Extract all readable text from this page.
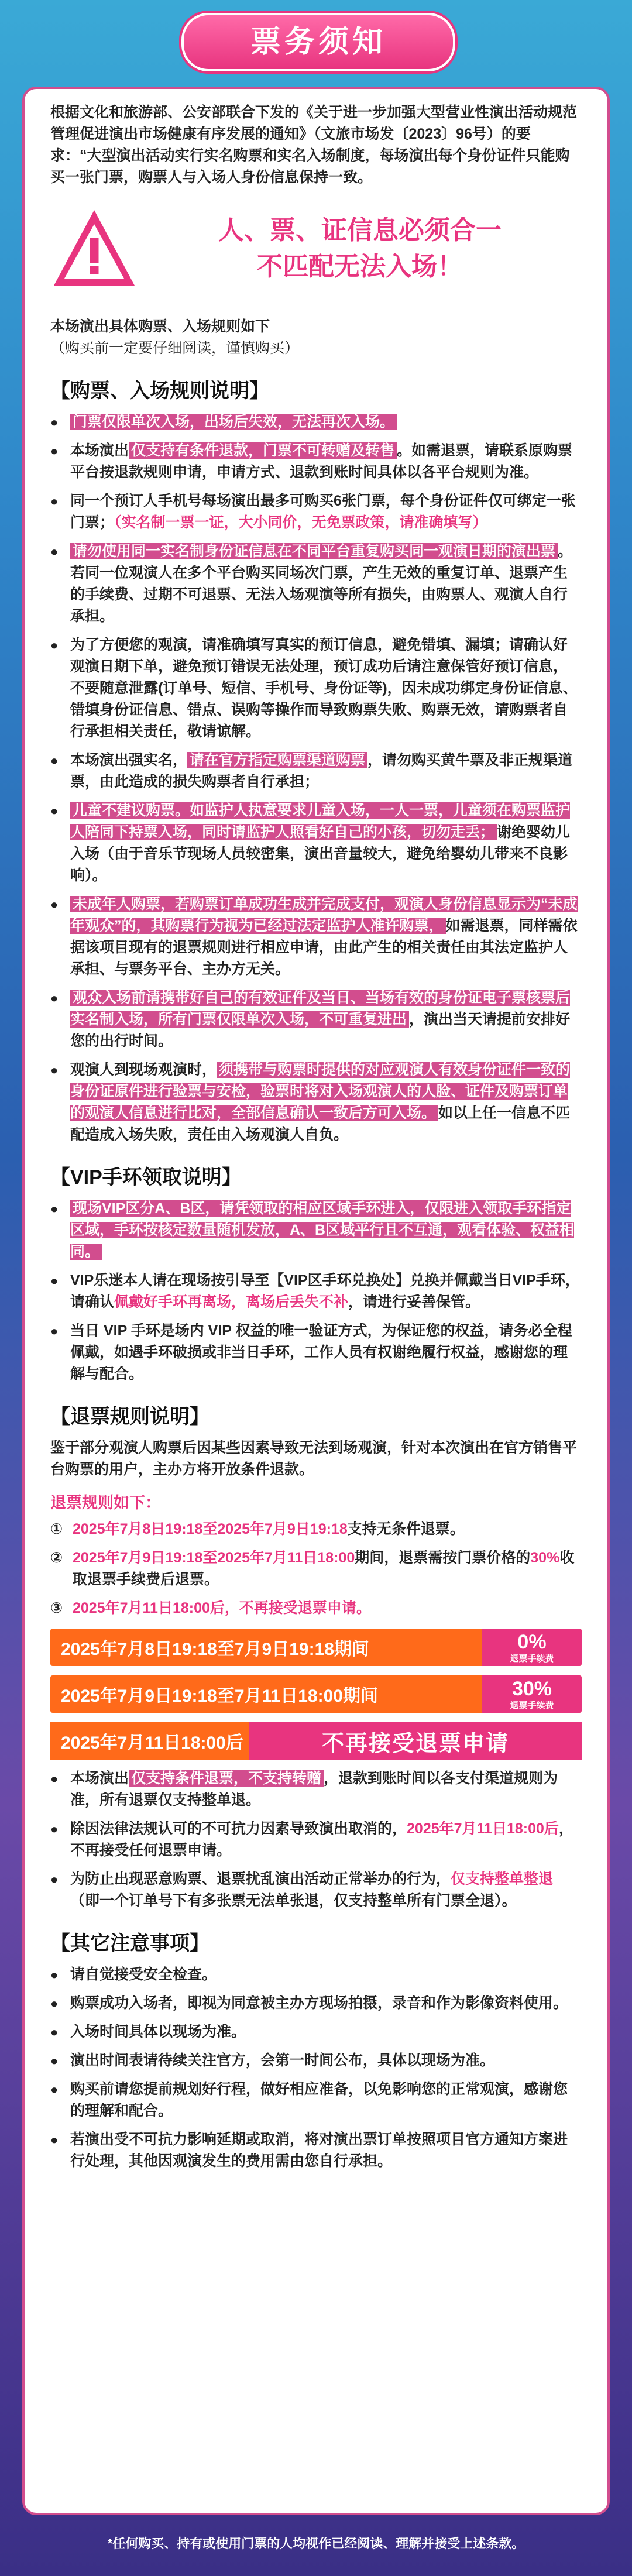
票务须知

根据文化和旅游部、公安部联合下发的《关于进一步加强大型营业性演出活动规范管理促进演出市场健康有序发展的通知》（文旅市场发〔2023〕96号）的要求：“大型演出活动实行实名购票和实名入场制度，每场演出每个身份证件只能购买一张门票，购票人与入场人身份信息保持一致。

人、票、证信息必须合一
不匹配无法入场！

本场演出具体购票、入场规则如下

（购买前一定要仔细阅读，谨慎购买）

【购票、入场规则说明】
● 门票仅限单次入场，出场后失效，无法再次入场。
● 本场演出 仅支持有条件退款，门票不可转赠及转售 。如需退票，请联系原购票平台按退款规则申请，申请方式、退款到账时间具体以各平台规则为准。
● 同一个预订人手机号每场演出最多可购买6张门票，每个身份证件仅可绑定一张门票；（实名制一票一证，大小同价，无免票政策，请准确填写）
● 请勿使用同一实名制身份证信息在不同平台重复购买同一观演日期的演出票 。若同一位观演人在多个平台购买同场次门票，产生无效的重复订单、退票产生的手续费、过期不可退票、无法入场观演等所有损失，由购票人、观演人自行承担。
● 为了方便您的观演，请准确填写真实的预订信息，避免错填、漏填；请确认好观演日期下单，避免预订错误无法处理，预订成功后请注意保管好预订信息，不要随意泄露(订单号、短信、手机号、身份证等)，因未成功绑定身份证信息、错填身份证信息、错点、误购等操作而导致购票失败、购票无效，请购票者自行承担相关责任，敬请谅解。
● 本场演出强实名， 请在官方指定购票渠道购票 ，请勿购买黄牛票及非正规渠道票，由此造成的损失购票者自行承担；
● 儿童不建议购票。如监护人执意要求儿童入场，一人一票，儿童须在购票监护人陪同下持票入场，同时请监护人照看好自己的小孩，切勿走丢； 谢绝婴幼儿入场（由于音乐节现场人员较密集，演出音量较大，避免给婴幼儿带来不良影响）。
● 未成年人购票，若购票订单成功生成并完成支付，观演人身份信息显示为“未成年观众”的，其购票行为视为已经过法定监护人准许购票， 如需退票，同样需依据该项目现有的退票规则进行相应申请，由此产生的相关责任由其法定监护人承担、与票务平台、主办方无关。
● 观众入场前请携带好自己的有效证件及当日、当场有效的身份证电子票核票后实名制入场，所有门票仅限单次入场，不可重复进出 ，演出当天请提前安排好您的出行时间。
● 观演人到现场观演时， 须携带与购票时提供的对应观演人有效身份证件一致的身份证原件进行验票与安检，验票时将对入场观演人的人脸、证件及购票订单的观演人信息进行比对，全部信息确认一致后方可入场。 如以上任一信息不匹配造成入场失败，责任由入场观演人自负。
【VIP手环领取说明】
● 现场VIP区分A、B区，请凭领取的相应区域手环进入，仅限进入领取手环指定区域，手环按核定数量随机发放，A、B区域平行且不互通，观看体验、权益相同。
● VIP乐迷本人请在现场按引导至【VIP区手环兑换处】兑换并佩戴当日VIP手环，请确认佩戴好手环再离场，离场后丢失不补，请进行妥善保管。
● 当日 VIP 手环是场内 VIP 权益的唯一验证方式，为保证您的权益，请务必全程佩戴，如遇手环破损或非当日手环，工作人员有权谢绝履行权益，感谢您的理解与配合。
【退票规则说明】
鉴于部分观演人购票后因某些因素导致无法到场观演，针对本次演出在官方销售平台购票的用户，主办方将开放条件退款。
退票规则如下：
① 2025年7月8日19:18至2025年7月9日19:18支持无条件退票。
② 2025年7月9日19:18至2025年7月11日18:00期间，退票需按门票价格的30%收取退票手续费后退票。
③ 2025年7月11日18:00后，不再接受退票申请。
2025年7月8日19:18至7月9日19:18期间	0%
退票手续费
2025年7月9日19:18至7月11日18:00期间	30%
退票手续费
2025年7月11日18:00后	不再接受退票申请
● 本场演出 仅支持条件退票，不支持转赠 ，退款到账时间以各支付渠道规则为准，所有退票仅支持整单退。
● 除因法律法规认可的不可抗力因素导致演出取消的，2025年7月11日18:00后，不再接受任何退票申请。
● 为防止出现恶意购票、退票扰乱演出活动正常举办的行为，仅支持整单整退（即一个订单号下有多张票无法单张退，仅支持整单所有门票全退）。
【其它注意事项】
● 请自觉接受安全检查。
● 购票成功入场者，即视为同意被主办方现场拍摄，录音和作为影像资料使用。
● 入场时间具体以现场为准。
● 演出时间表请待续关注官方，会第一时间公布，具体以现场为准。
● 购买前请您提前规划好行程，做好相应准备，以免影响您的正常观演，感谢您的理解和配合。
● 若演出受不可抗力影响延期或取消，将对演出票订单按照项目官方通知方案进行处理，其他因观演发生的费用需由您自行承担。
*任何购买、持有或使用门票的人均视作已经阅读、理解并接受上述条款。
